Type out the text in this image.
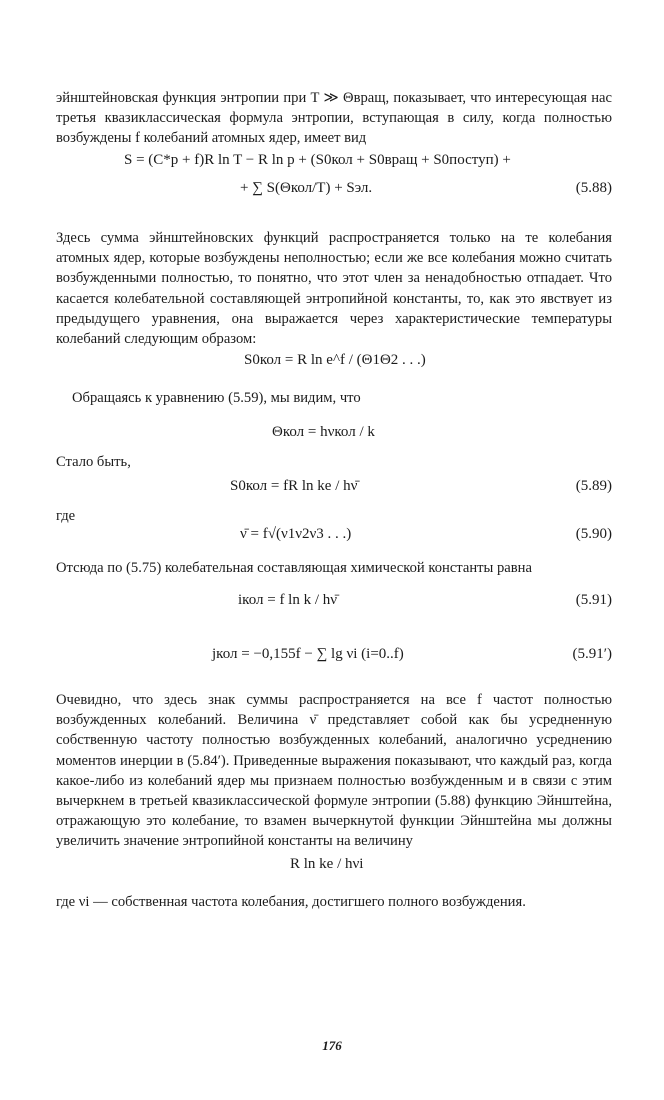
эйнштейновская функция энтропии при T ≫ Θвращ, показывает, что интересующая нас третья квазиклассическая формула энтропии, вступающая в силу, когда полностью возбуждены f колебаний атомных ядер, имеет вид

S = (C*p + f)R ln T − R ln p + (S0кол + S0вращ + S0поступ) +
+ ∑ S(Θкол/T) + Sэл.	(5.88)

Здесь сумма эйнштейновских функций распространяется только на те колебания атомных ядер, которые возбуждены неполностью; если же все колебания можно считать возбужденными полностью, то понятно, что этот член за ненадобностью отпадает. Что касается колебательной составляющей энтропийной константы, то, как это явствует из предыдущего уравнения, она выражается через характеристические температуры колебаний следующим образом:

S0кол = R ln e^f / (Θ1Θ2 . . .)

Обращаясь к уравнению (5.59), мы видим, что

Θкол = hνкол / k

Стало быть,

S0кол = fR ln ke / hν̄	(5.89)

где

ν̄ = f√(ν1ν2ν3 . . .)	(5.90)

Отсюда по (5.75) колебательная составляющая химической константы равна

iкол = f ln k / hν̄	(5.91)
jкол = −0,155f − ∑ lg νi (i=0..f)	(5.91′)

Очевидно, что здесь знак суммы распространяется на все f частот полностью возбужденных колебаний. Величина ν̄ представляет собой как бы усредненную собственную частоту полностью возбужденных колебаний, аналогично усреднению моментов инерции в (5.84′). Приведенные выражения показывают, что каждый раз, когда какое-либо из колебаний ядер мы признаем полностью возбужденным и в связи с этим вычеркнем в третьей квазиклассической формуле энтропии (5.88) функцию Эйнштейна, отражающую это колебание, то взамен вычеркнутой функции Эйнштейна мы должны увеличить значение энтропийной константы на величину

R ln ke / hνi

где νi — собственная частота колебания, достигшего полного возбуждения.

176
